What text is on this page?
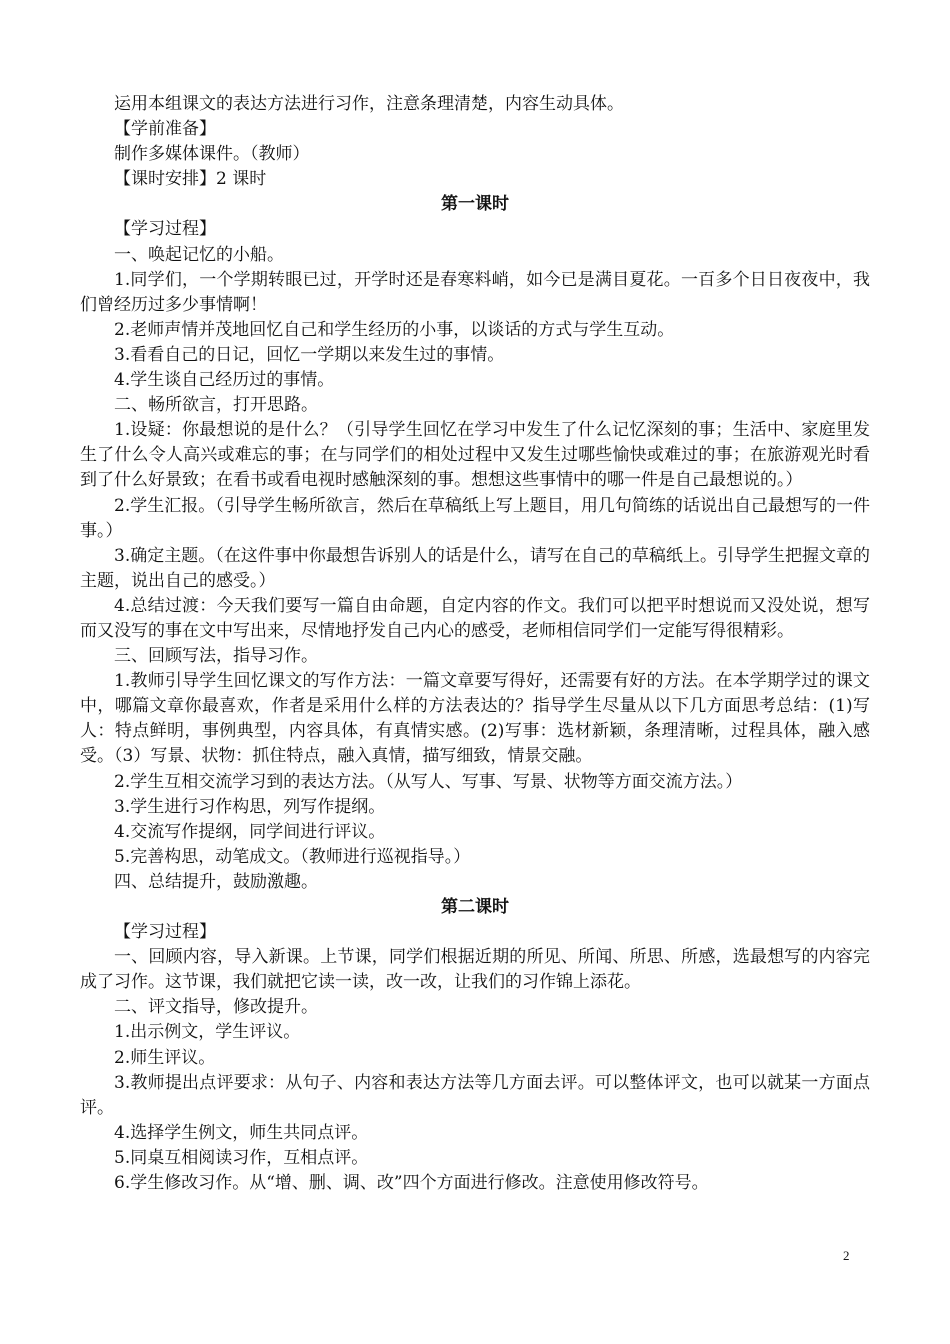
运用本组课文的表达方法进行习作，注意条理清楚，内容生动具体。

【学前准备】

制作多媒体课件。（教师）

【课时安排】2 课时

第一课时

【学习过程】

一、唤起记忆的小船。

1.同学们，一个学期转眼已过，开学时还是春寒料峭，如今已是满目夏花。一百多个日日夜夜中，我们曾经历过多少事情啊！

2.老师声情并茂地回忆自己和学生经历的小事，以谈话的方式与学生互动。

3.看看自己的日记，回忆一学期以来发生过的事情。

4.学生谈自己经历过的事情。

二、畅所欲言，打开思路。

1.设疑：你最想说的是什么？（引导学生回忆在学习中发生了什么记忆深刻的事；生活中、家庭里发生了什么令人高兴或难忘的事；在与同学们的相处过程中又发生过哪些愉快或难过的事；在旅游观光时看到了什么好景致；在看书或看电视时感触深刻的事。想想这些事情中的哪一件是自己最想说的。）

2.学生汇报。（引导学生畅所欲言，然后在草稿纸上写上题目，用几句简练的话说出自己最想写的一件事。）

3.确定主题。（在这件事中你最想告诉别人的话是什么，请写在自己的草稿纸上。引导学生把握文章的主题，说出自己的感受。）

4.总结过渡：今天我们要写一篇自由命题，自定内容的作文。我们可以把平时想说而又没处说，想写而又没写的事在文中写出来，尽情地抒发自己内心的感受，老师相信同学们一定能写得很精彩。

三、回顾写法，指导习作。

1.教师引导学生回忆课文的写作方法：一篇文章要写得好，还需要有好的方法。在本学期学过的课文中，哪篇文章你最喜欢，作者是采用什么样的方法表达的？指导学生尽量从以下几方面思考总结：(1)写人：特点鲜明，事例典型，内容具体，有真情实感。(2)写事：选材新颖，条理清晰，过程具体，融入感受。（3）写景、状物：抓住特点，融入真情，描写细致，情景交融。

2.学生互相交流学习到的表达方法。（从写人、写事、写景、状物等方面交流方法。）

3.学生进行习作构思，列写作提纲。

4.交流写作提纲，同学间进行评议。

5.完善构思，动笔成文。（教师进行巡视指导。）

四、总结提升，鼓励激趣。

第二课时

【学习过程】

一、回顾内容，导入新课。上节课，同学们根据近期的所见、所闻、所思、所感，选最想写的内容完成了习作。这节课，我们就把它读一读，改一改，让我们的习作锦上添花。

二、评文指导，修改提升。

1.出示例文，学生评议。

2.师生评议。

3.教师提出点评要求：从句子、内容和表达方法等几方面去评。可以整体评文，也可以就某一方面点评。

4.选择学生例文，师生共同点评。

5.同桌互相阅读习作，互相点评。

6.学生修改习作。从“增、删、调、改”四个方面进行修改。注意使用修改符号。

2
